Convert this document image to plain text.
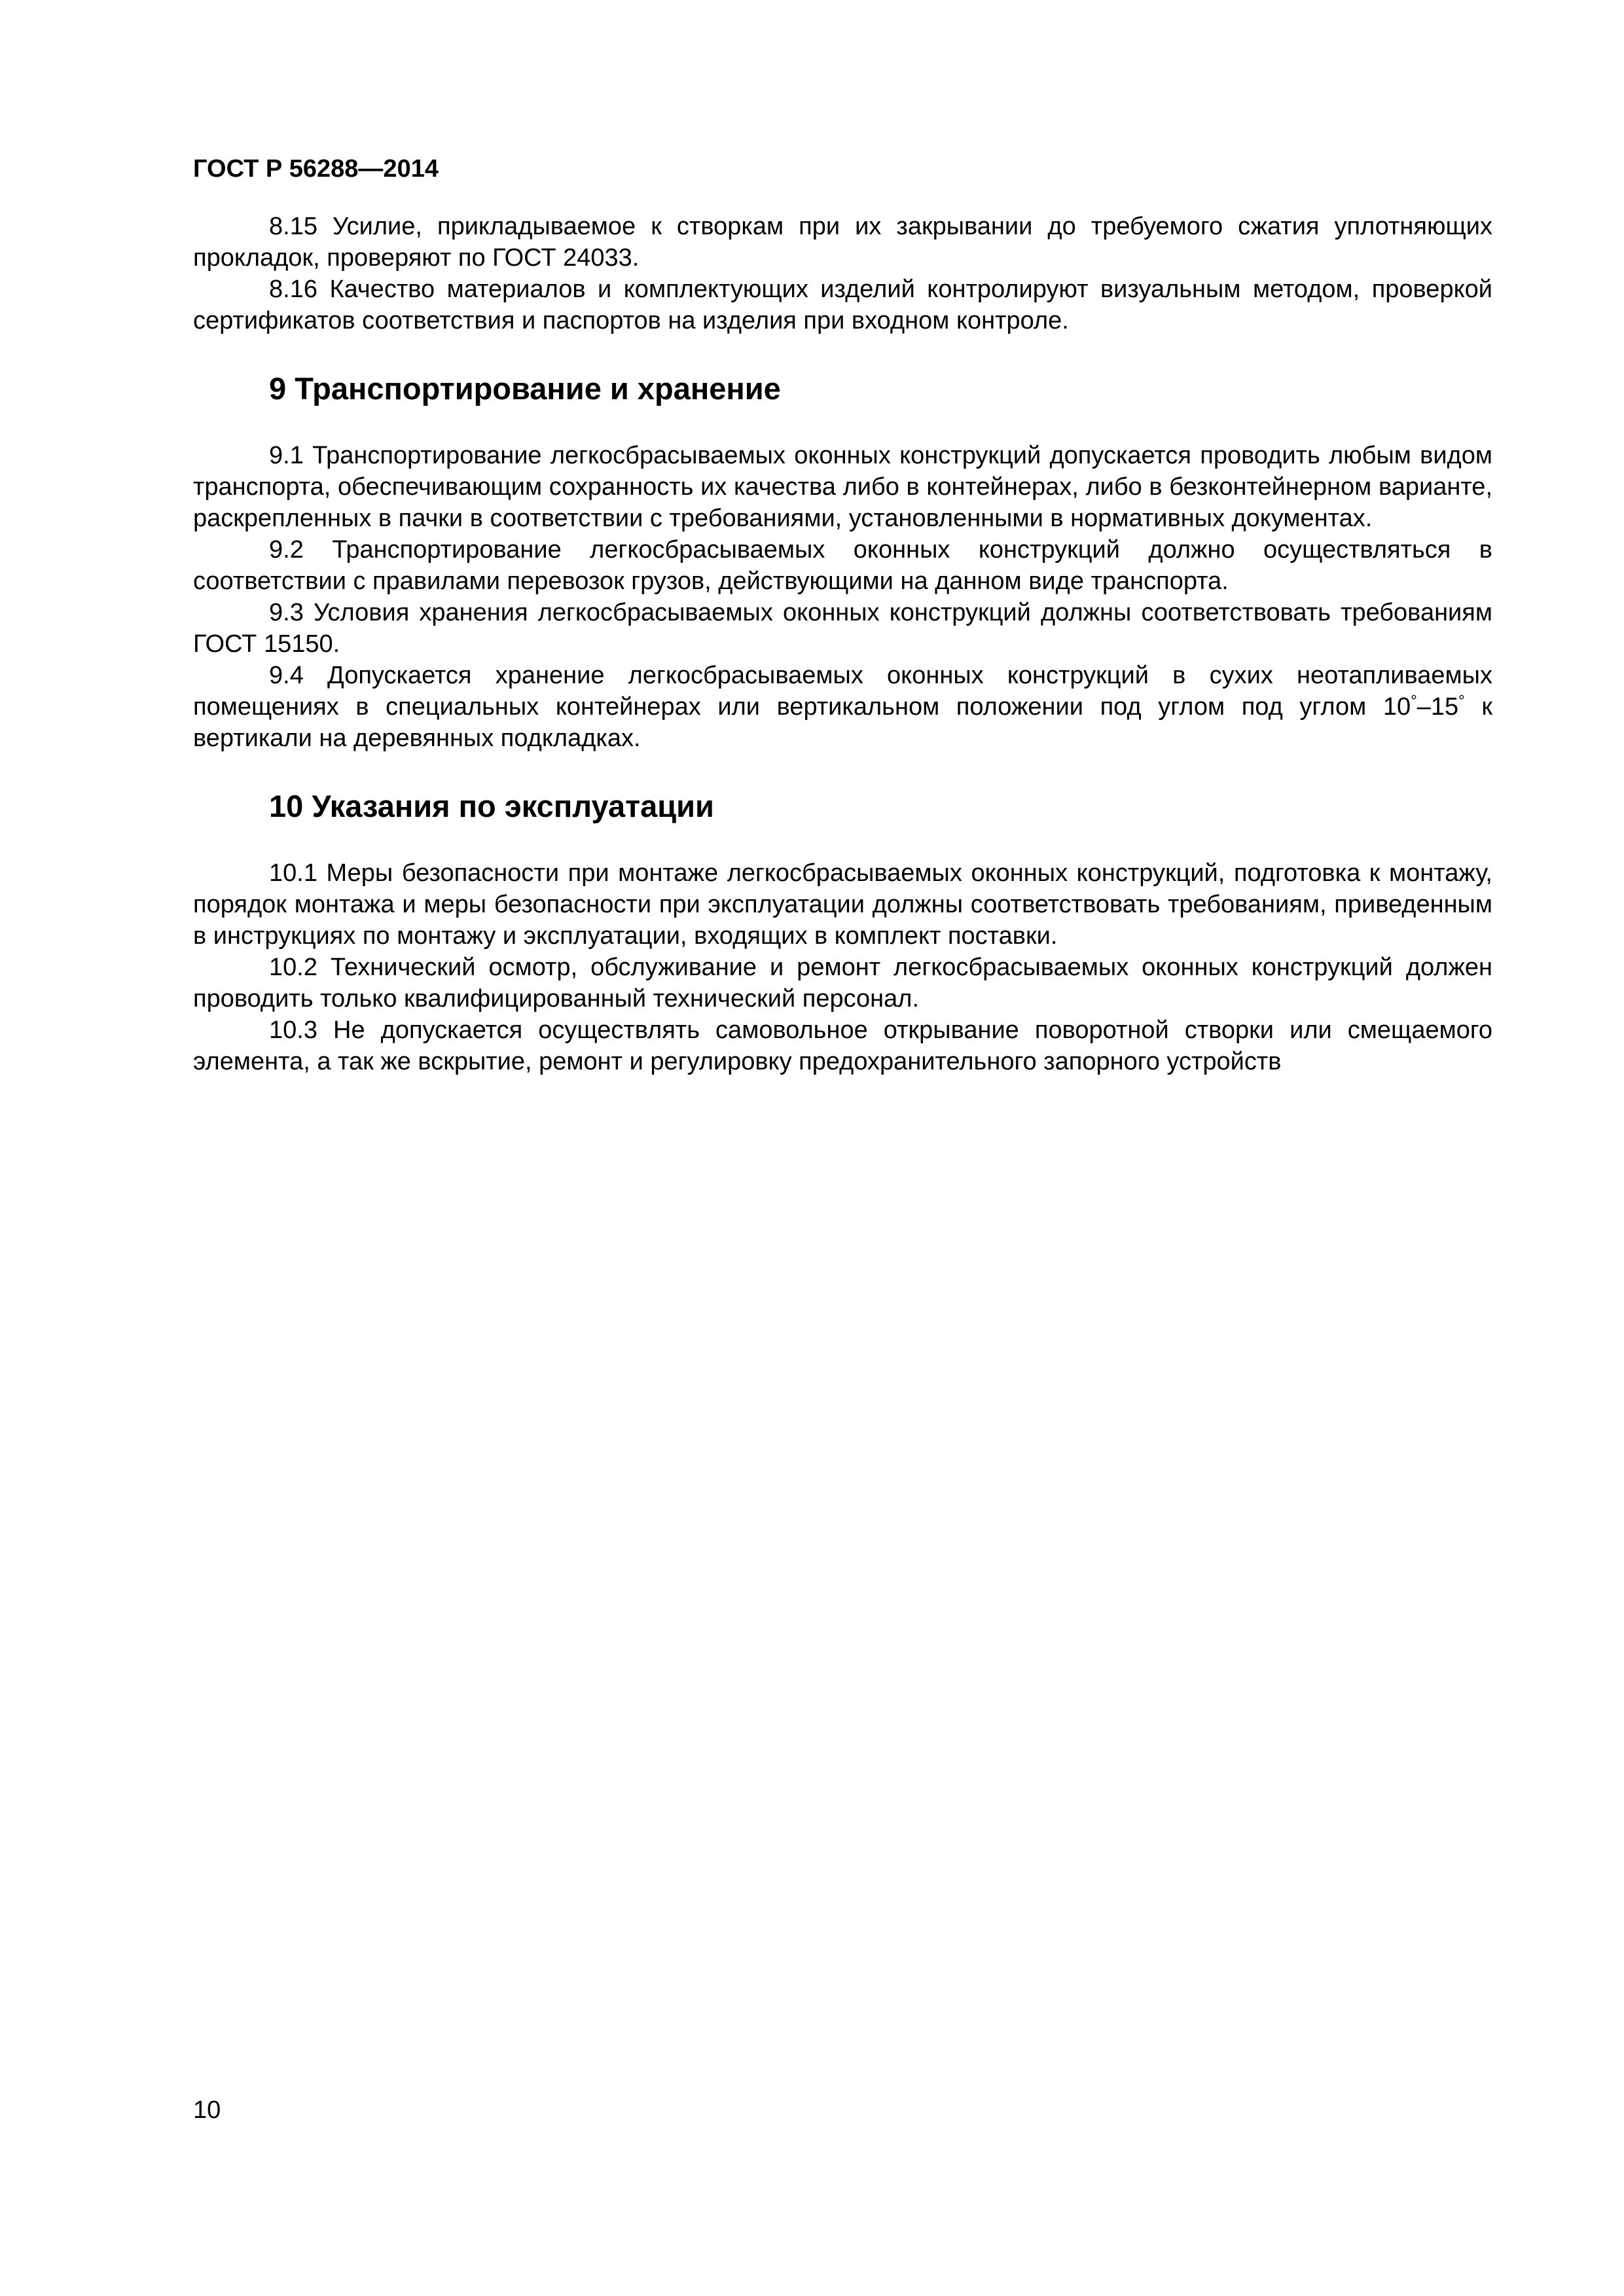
ГОСТ Р 56288—2014

8.15 Усилие, прикладываемое к створкам при их закрывании до требуемого сжатия уплотняющих прокладок, проверяют по ГОСТ 24033.

8.16 Качество материалов и комплектующих изделий контролируют визуальным методом, проверкой сертификатов соответствия и паспортов на изделия при входном контроле.

9 Транспортирование и хранение

9.1 Транспортирование легкосбрасываемых оконных конструкций допускается проводить любым видом транспорта, обеспечивающим сохранность их качества либо в контейнерах, либо в безконтейнерном варианте, раскрепленных в пачки в соответствии с требованиями, установленными в нормативных документах.

9.2 Транспортирование легкосбрасываемых оконных конструкций должно осуществляться в соответствии с правилами перевозок грузов, действующими на данном виде транспорта.

9.3 Условия хранения легкосбрасываемых оконных конструкций должны соответствовать требованиям ГОСТ 15150.

9.4 Допускается хранение легкосбрасываемых оконных конструкций в сухих неотапливаемых помещениях в специальных контейнерах или вертикальном положении под углом под углом 10°–15° к вертикали на деревянных подкладках.

10 Указания по эксплуатации

10.1 Меры безопасности при монтаже легкосбрасываемых оконных конструкций, подготовка к монтажу, порядок монтажа и меры безопасности при эксплуатации должны соответствовать требованиям, приведенным в инструкциях по монтажу и эксплуатации, входящих в комплект поставки.

10.2 Технический осмотр, обслуживание и ремонт легкосбрасываемых оконных конструкций должен проводить только квалифицированный технический персонал.

10.3 Не допускается осуществлять самовольное открывание поворотной створки или смещаемого элемента, а так же вскрытие, ремонт и регулировку предохранительного запорного устройств

10
